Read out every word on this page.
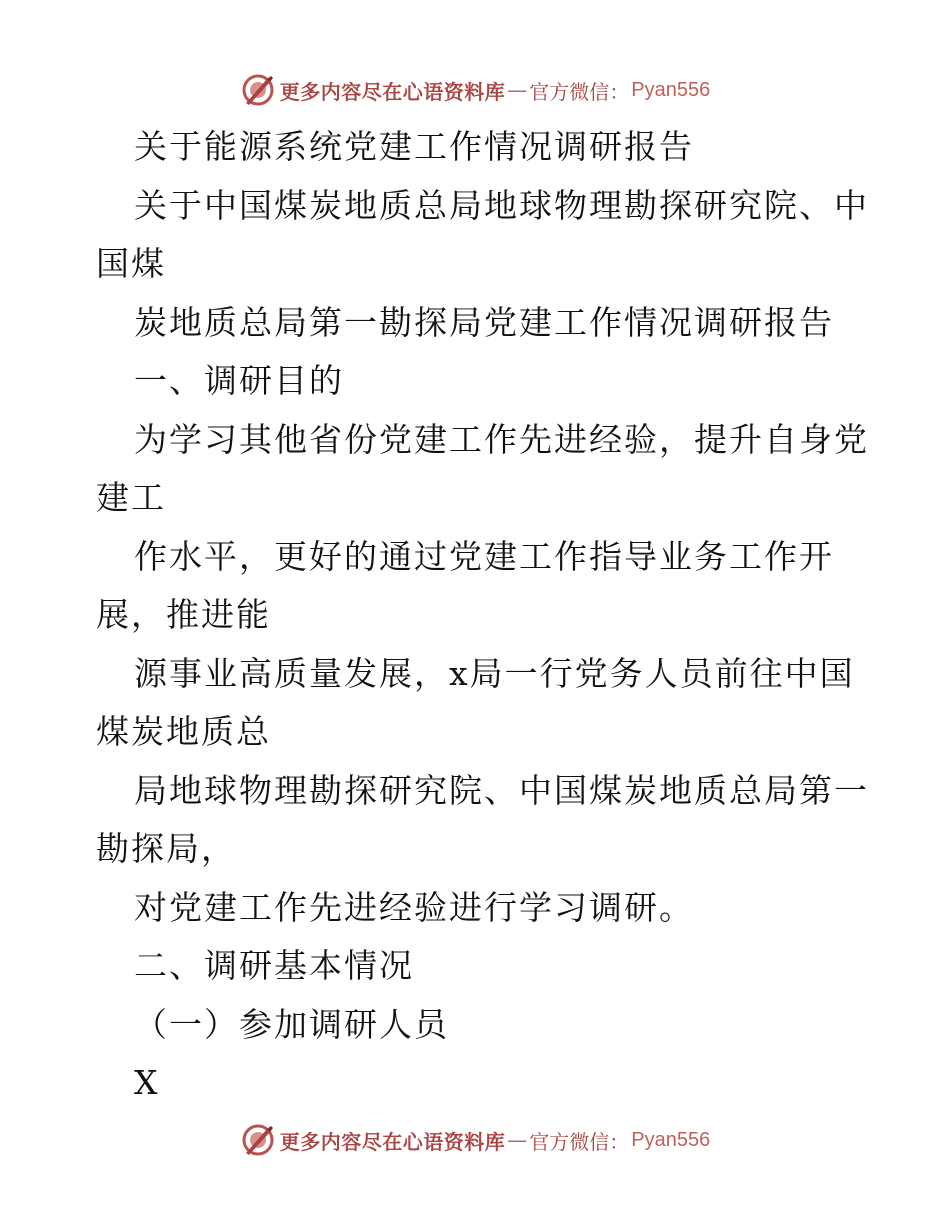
更多内容尽在心语资料库 — 官方微信： Pyan556
关于能源系统党建工作情况调研报告
关于中国煤炭地质总局地球物理勘探研究院、中
国煤
炭地质总局第一勘探局党建工作情况调研报告
一、调研目的
为学习其他省份党建工作先进经验，提升自身党
建工
作水平，更好的通过党建工作指导业务工作开
展，推进能
源事业高质量发展，x局一行党务人员前往中国
煤炭地质总
局地球物理勘探研究院、中国煤炭地质总局第一
勘探局，
对党建工作先进经验进行学习调研。
二、调研基本情况
（一）参加调研人员
X
更多内容尽在心语资料库 — 官方微信： Pyan556
